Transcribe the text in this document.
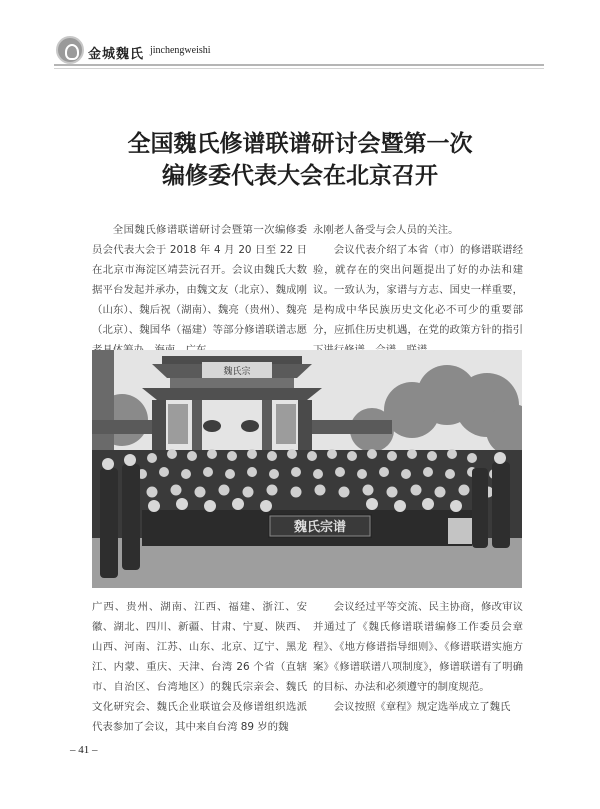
金城魏氏 jinchengweishi
全国魏氏修谱联谱研讨会暨第一次
编修委代表大会在北京召开

全国魏氏修谱联谱研讨会暨第一次编修委员会代表大会于 2018 年 4 月 20 日至 22 日在北京市海淀区靖芸沅召开。会议由魏氏大数据平台发起并承办，由魏文友（北京）、魏成刚（山东）、魏后祝（湖南）、魏亮（贵州）、魏亮（北京）、魏国华（福建）等部分修谱联谱志愿

永刚老人备受与会人员的关注。

会议代表介绍了本省（市）的修谱联谱经验，就存在的突出问题提出了好的办法和建议。一致认为，家谱与方志、国史一样重要，是构成中华民族历史文化必不可少的重要部分，应抓住历史机遇，在党的政策方针的指引

魏氏宗谱
魏氏宗

广西、贵州、湖南、江西、福建、浙江、安徽、湖北、四川、新疆、甘肃、宁夏、陕西、山西、河南、江苏、山东、北京、辽宁、黑龙江、内蒙、重庆、天津、台湾 26 个省（直辖市、自治区、台湾地区）的魏氏宗亲会、魏氏文化研究会、魏氏企业联谊会及修谱组织选派代表参加了会议，其中来自台湾 89 岁的魏

会议经过平等交流、民主协商，修改审议并通过了《魏氏修谱联谱编修工作委员会章程》、《地方修谱指导细则》、《修谱联谱实施方案》《修谱联谱八项制度》，修谱联谱有了明确的目标、办法和必须遵守的制度规范。

会议按照《章程》规定选举成立了魏氏

– 41 –
